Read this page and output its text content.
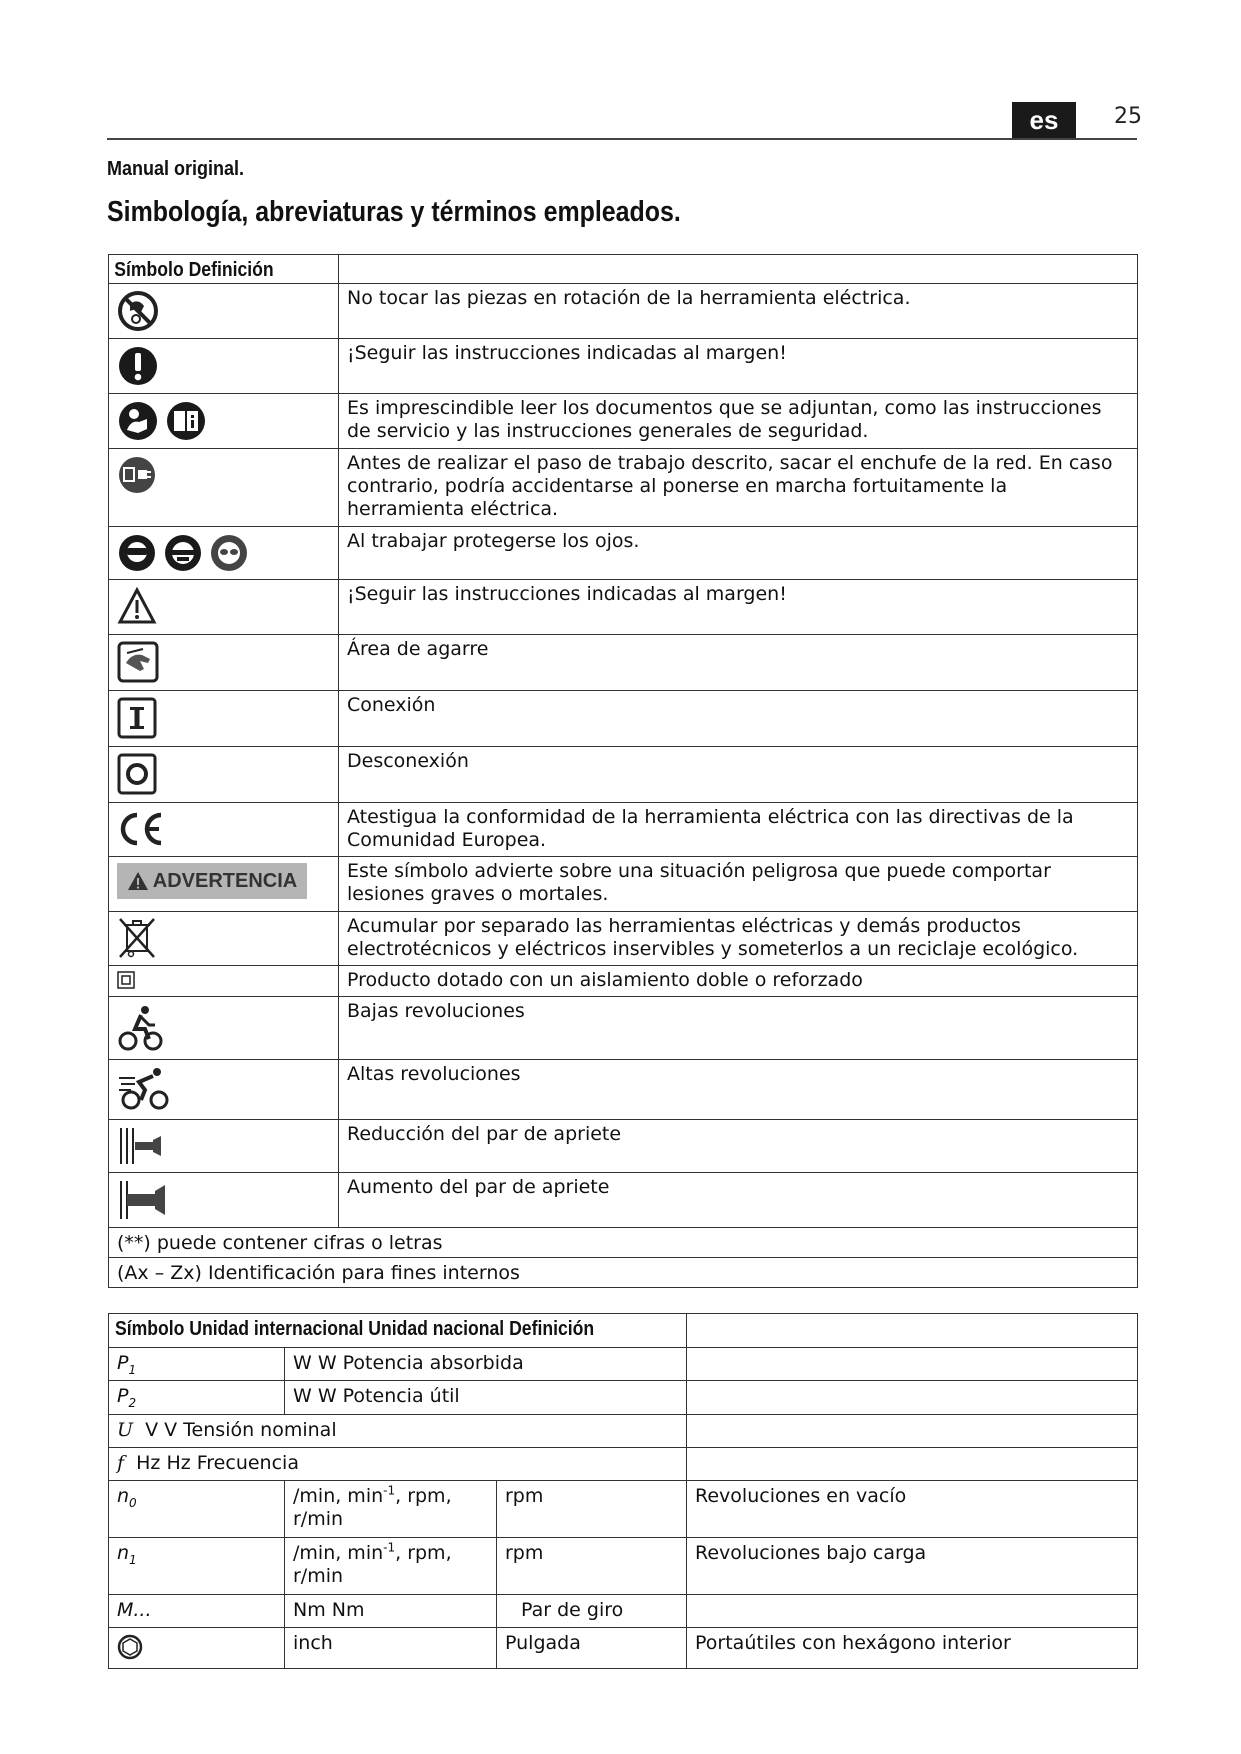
es	25
Manual original.
Simbología, abreviaturas y términos empleados.
Símbolo Definición	

	No tocar las piezas en rotación de la herramienta eléctrica.

	¡Seguir las instrucciones indicadas al margen!

	Es imprescindible leer los documentos que se adjuntan, como las instrucciones de servicio y las instrucciones generales de seguridad.

	Antes de realizar el paso de trabajo descrito, sacar el enchufe de la red. En caso contrario, podría accidentarse al ponerse en marcha fortuitamente la herramienta eléctrica.

	Al trabajar protegerse los ojos.

	¡Seguir las instrucciones indicadas al margen!

	Área de agarre

	Conexión

	Desconexión

	Atestigua la conformidad de la herramienta eléctrica con las directivas de la Comunidad Europea.

ADVERTENCIA	Este símbolo advierte sobre una situación peligrosa que puede comportar lesiones graves o mortales.

	Acumular por separado las herramientas eléctricas y demás productos electrotécnicos y eléctricos inservibles y someterlos a un reciclaje ecológico.

	Producto dotado con un aislamiento doble o reforzado

	Bajas revoluciones

	Altas revoluciones

	Reducción del par de apriete

	Aumento del par de apriete
(**) puede contener cifras o letras	
(Ax – Zx) Identificación para fines internos	
Símbolo Unidad internacional Unidad nacional Definición			

$P_1$	W W Potencia absorbida		
$P_2$	W W Potencia útil		
U V V Tensión nominal			
f Hz Hz Frecuencia			
$n_0$	/min, $\min^{-1}$, rpm, r/min	rpm	Revoluciones en vacío
$n_1$	/min, $\min^{-1}$, rpm, r/min	rpm	Revoluciones bajo carga
M...	Nm Nm	Par de giro	
	inch	Pulgada	Portaútiles con hexágono interior
